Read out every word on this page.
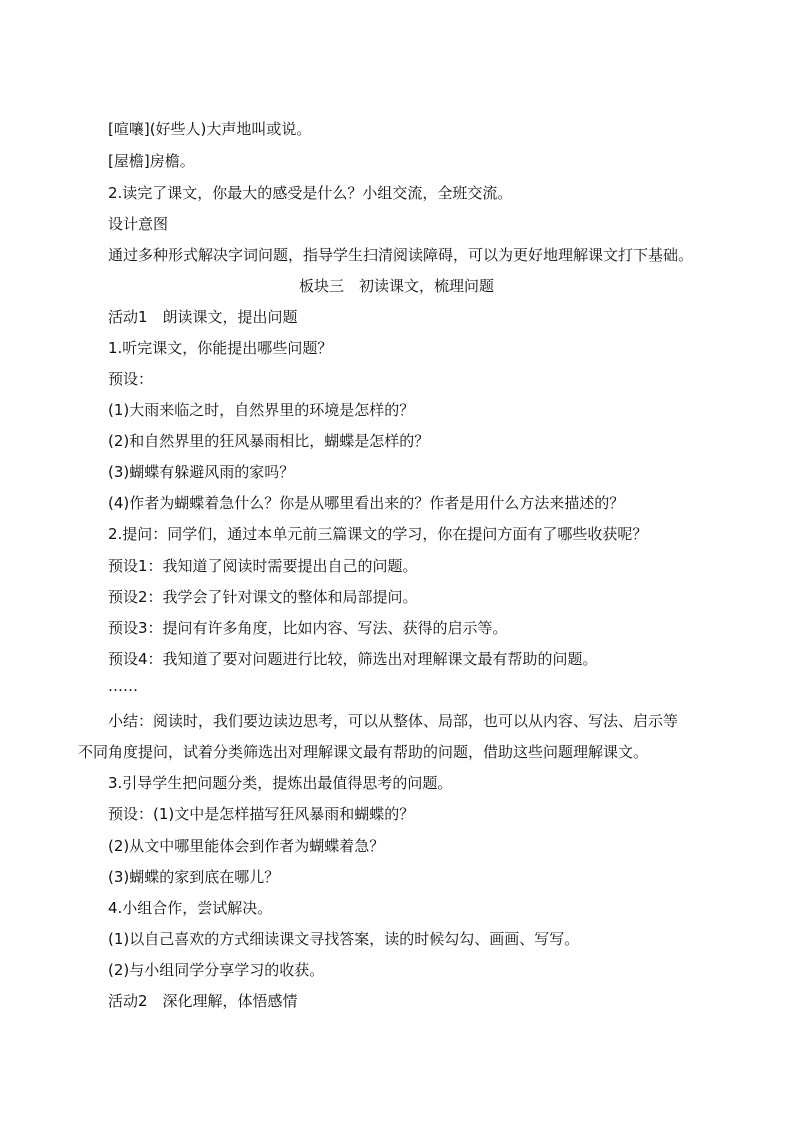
[喧嚷](好些人)大声地叫或说。

[屋檐]房檐。

2.读完了课文，你最大的感受是什么？小组交流，全班交流。

设计意图

通过多种形式解决字词问题，指导学生扫清阅读障碍，可以为更好地理解课文打下基础。

板块三　初读课文，梳理问题

活动1　朗读课文，提出问题

1.听完课文，你能提出哪些问题？

预设：

(1)大雨来临之时，自然界里的环境是怎样的？

(2)和自然界里的狂风暴雨相比，蝴蝶是怎样的？

(3)蝴蝶有躲避风雨的家吗？

(4)作者为蝴蝶着急什么？你是从哪里看出来的？作者是用什么方法来描述的？

2.提问：同学们，通过本单元前三篇课文的学习，你在提问方面有了哪些收获呢？

预设1：我知道了阅读时需要提出自己的问题。

预设2：我学会了针对课文的整体和局部提问。

预设3：提问有许多角度，比如内容、写法、获得的启示等。

预设4：我知道了要对问题进行比较，筛选出对理解课文最有帮助的问题。

……

小结：阅读时，我们要边读边思考，可以从整体、局部，也可以从内容、写法、启示等

不同角度提问，试着分类筛选出对理解课文最有帮助的问题，借助这些问题理解课文。

3.引导学生把问题分类，提炼出最值得思考的问题。

预设：(1)文中是怎样描写狂风暴雨和蝴蝶的？

(2)从文中哪里能体会到作者为蝴蝶着急？

(3)蝴蝶的家到底在哪儿？

4.小组合作，尝试解决。

(1)以自己喜欢的方式细读课文寻找答案，读的时候勾勾、画画、写写。

(2)与小组同学分享学习的收获。

活动2　深化理解，体悟感情
